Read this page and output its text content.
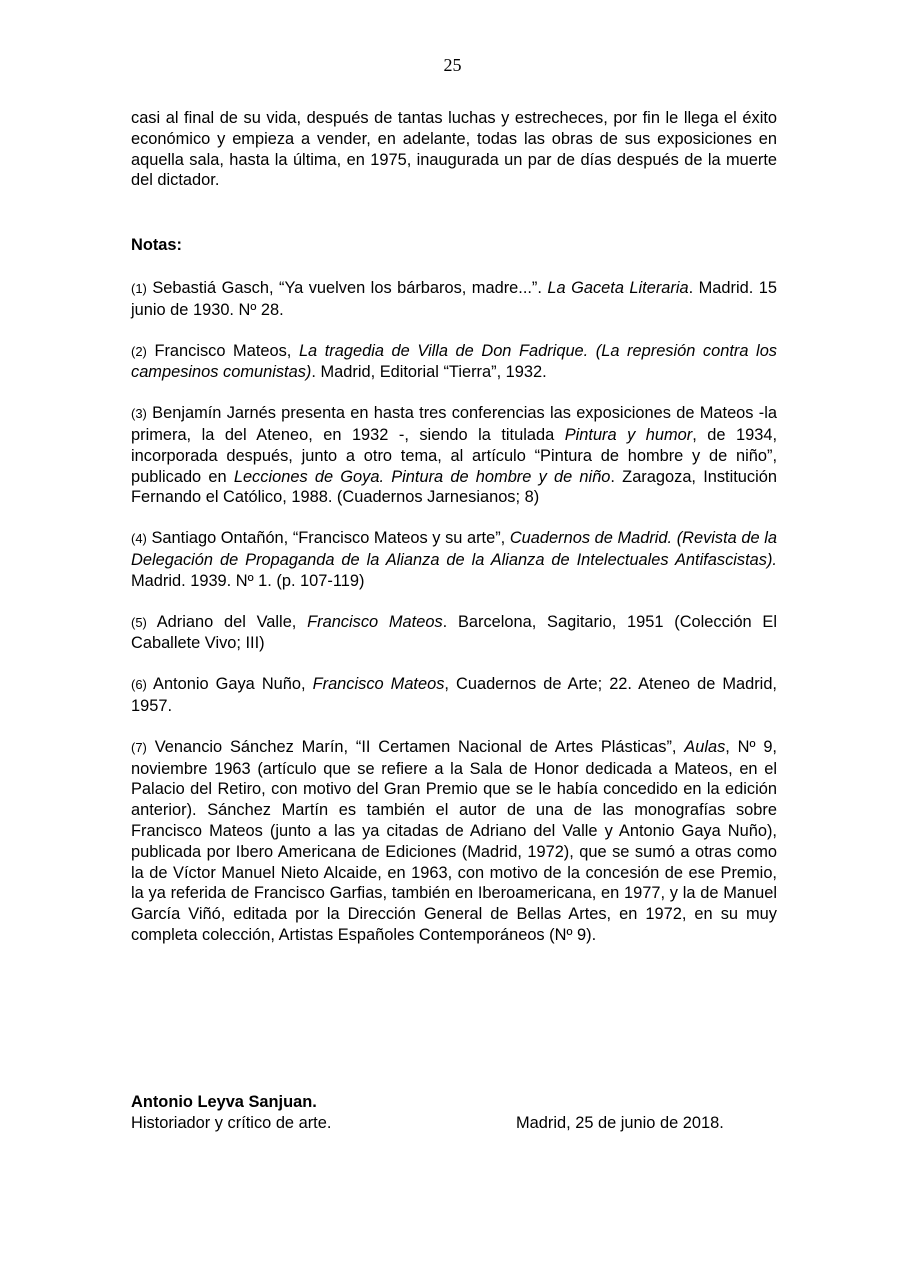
25

casi al final de su vida, después de tantas luchas y estrecheces, por fin le llega el éxito económico y empieza a vender, en adelante, todas las obras de sus exposiciones en aquella sala, hasta la última, en 1975, inaugurada un par de días después de la muerte del dictador.

Notas:

(1) Sebastiá Gasch, “Ya vuelven los bárbaros, madre...”. La Gaceta Literaria. Madrid. 15 junio de 1930. Nº 28.

(2) Francisco Mateos, La tragedia de Villa de Don Fadrique. (La represión contra los campesinos comunistas). Madrid, Editorial “Tierra”, 1932.

(3) Benjamín Jarnés presenta en hasta tres conferencias las exposiciones de Mateos -la primera, la del Ateneo, en 1932 -, siendo la titulada Pintura y humor, de 1934, incorporada después, junto a otro tema, al artículo “Pintura de hombre y de niño”, publicado en Lecciones de Goya. Pintura de hombre y de niño. Zaragoza, Institución Fernando el Católico, 1988. (Cuadernos Jarnesianos; 8)

(4) Santiago Ontañón, “Francisco Mateos y su arte”, Cuadernos de Madrid. (Revista de la Delegación de Propaganda de la Alianza de la Alianza de Intelectuales Antifascistas). Madrid. 1939. Nº 1. (p. 107-119)

(5) Adriano del Valle, Francisco Mateos. Barcelona, Sagitario, 1951 (Colección El Caballete Vivo; III)

(6) Antonio Gaya Nuño, Francisco Mateos, Cuadernos de Arte; 22. Ateneo de Madrid, 1957.

(7) Venancio Sánchez Marín, “II Certamen Nacional de Artes Plásticas”, Aulas, Nº 9, noviembre 1963 (artículo que se refiere a la Sala de Honor dedicada a Mateos, en el Palacio del Retiro, con motivo del Gran Premio que se le había concedido en la edición anterior). Sánchez Martín es también el autor de una de las monografías sobre Francisco Mateos (junto a las ya citadas de Adriano del Valle y Antonio Gaya Nuño), publicada por Ibero Americana de Ediciones (Madrid, 1972), que se sumó a otras como la de Víctor Manuel Nieto Alcaide, en 1963, con motivo de la concesión de ese Premio, la ya referida de Francisco Garfias, también en Iberoamericana, en 1977, y la de Manuel García Viñó, editada por la Dirección General de Bellas Artes, en 1972, en su muy completa colección, Artistas Españoles Contemporáneos (Nº 9).

Antonio Leyva Sanjuan.
Historiador y crítico de arte.	Madrid, 25 de junio de 2018.
